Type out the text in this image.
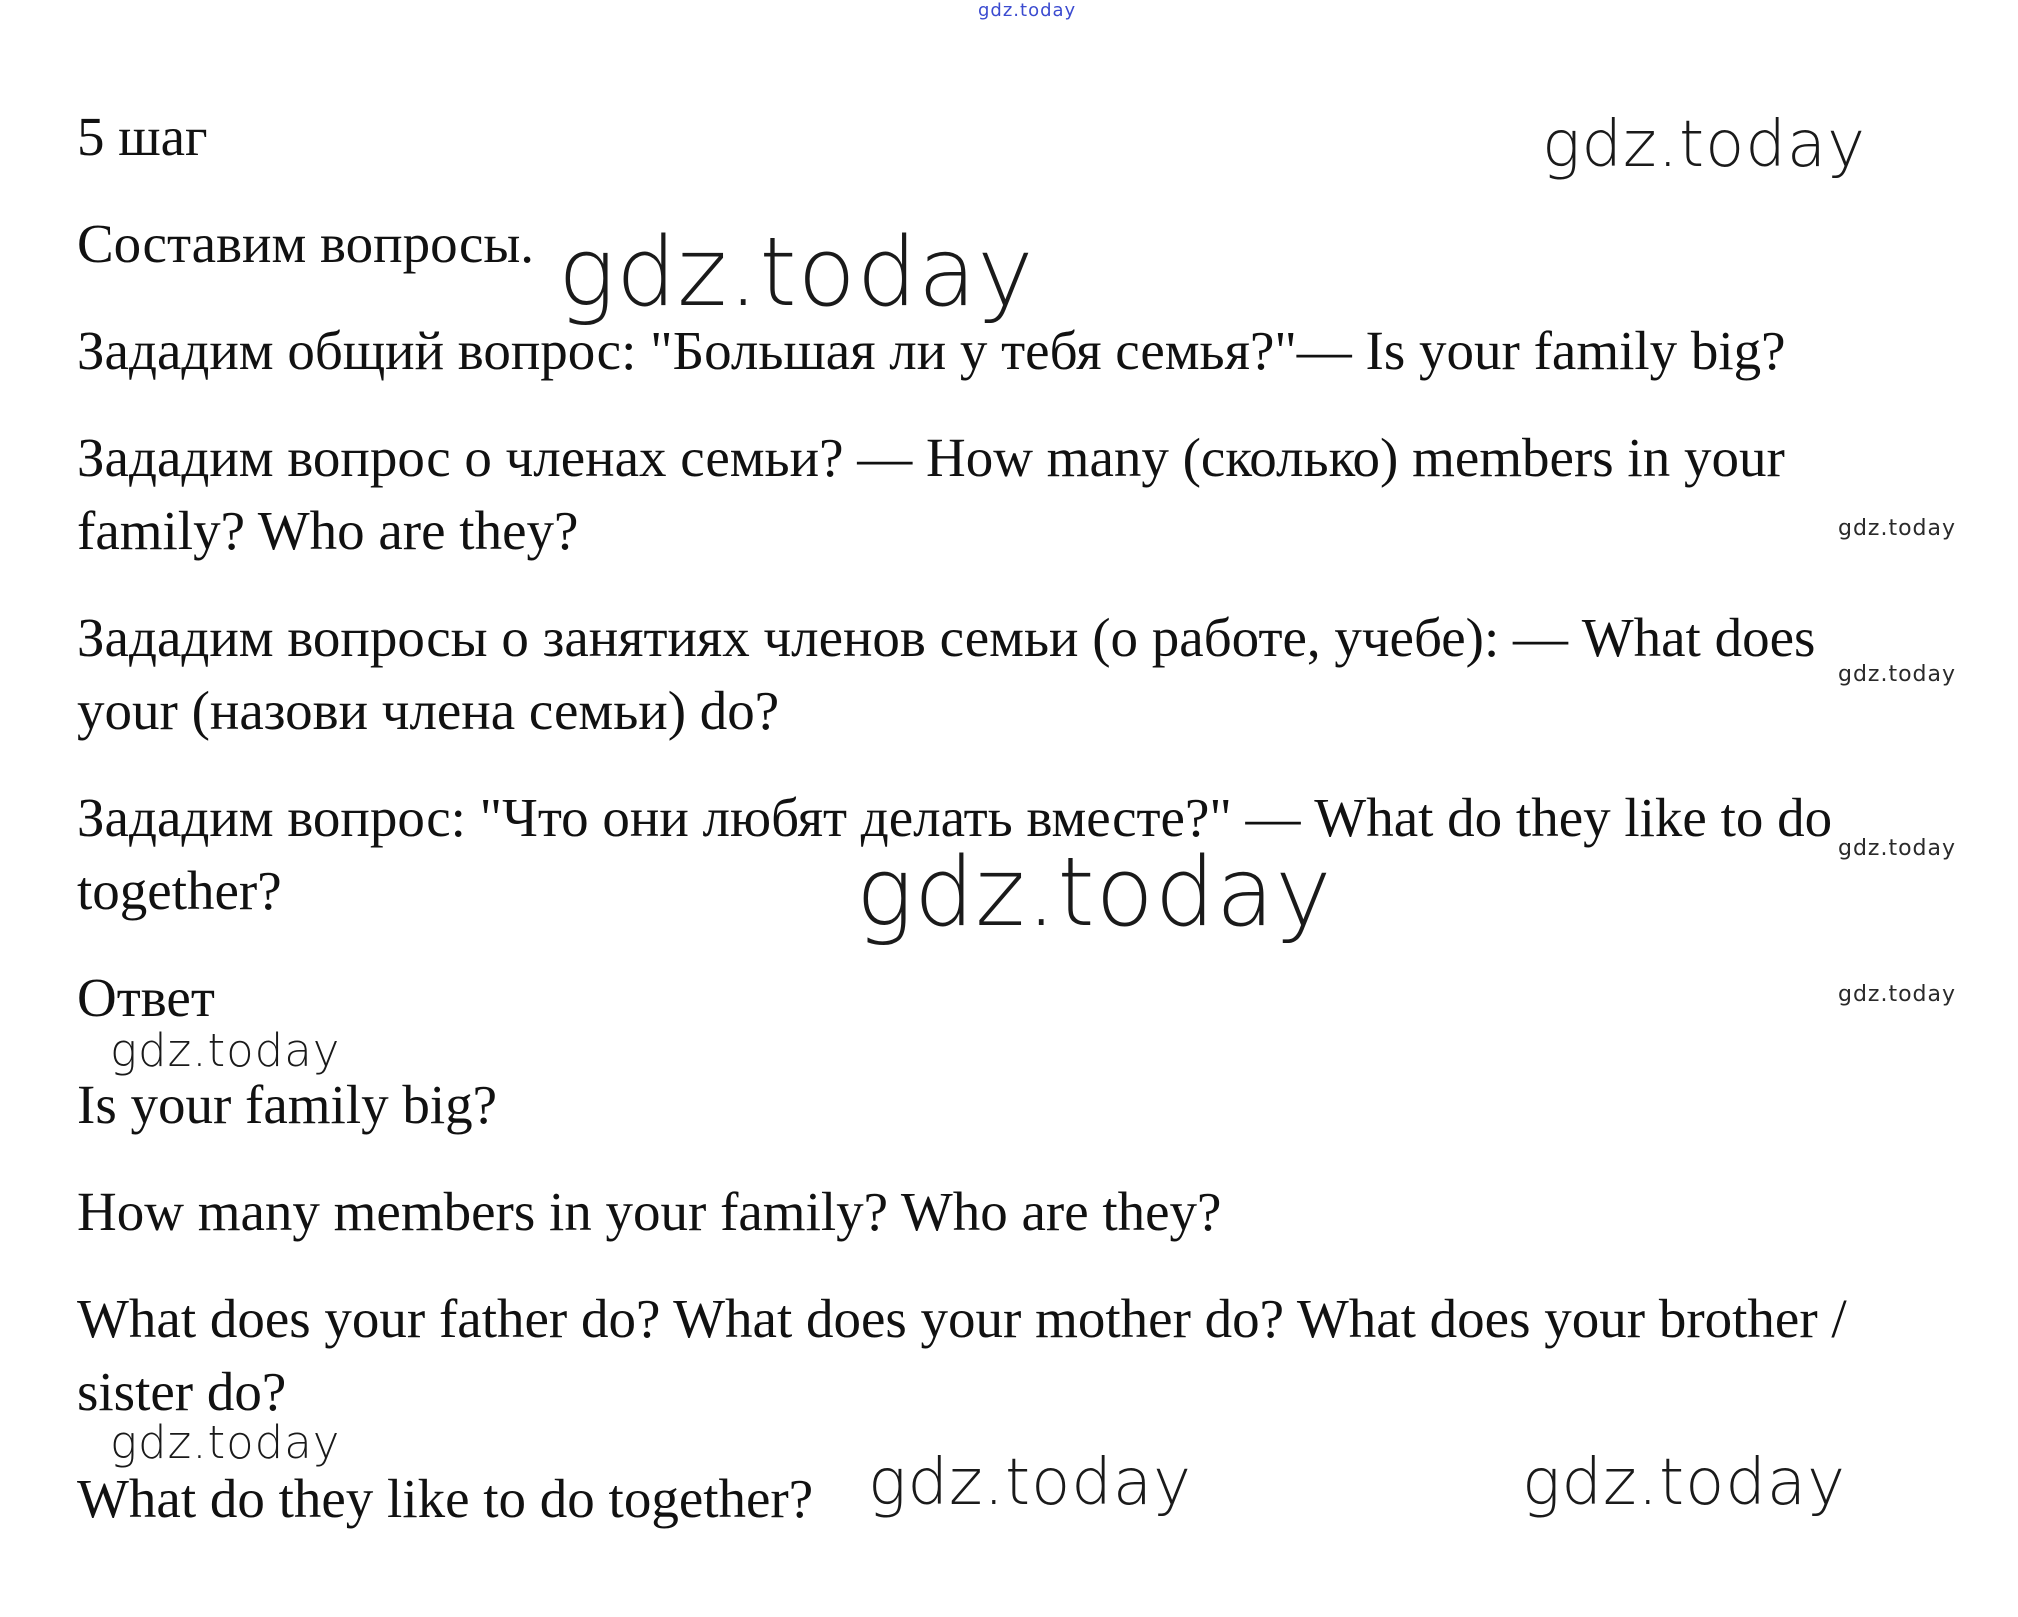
gdz.today
5 шаг
Составим вопросы.
Зададим общий вопрос: "Большая ли у тебя семья?"— Is your family big?
Зададим вопрос о членах семьи? — How many (сколько) members in your
family? Who are they?
Зададим вопросы о занятиях членов семьи (о работе, учебе): — What does
your (назови члена семьи) do?
Зададим вопрос: "Что они любят делать вместе?" — What do they like to do
together?
Ответ
Is your family big?
How many members in your family? Who are they?
What does your father do? What does your mother do? What does your brother /
sister do?
What do they like to do together?
gdz.today
gdz.today
gdz.today
gdz.today
gdz.today
gdz.today
gdz.today
gdz.today
gdz.today
gdz.today	gdz.today
